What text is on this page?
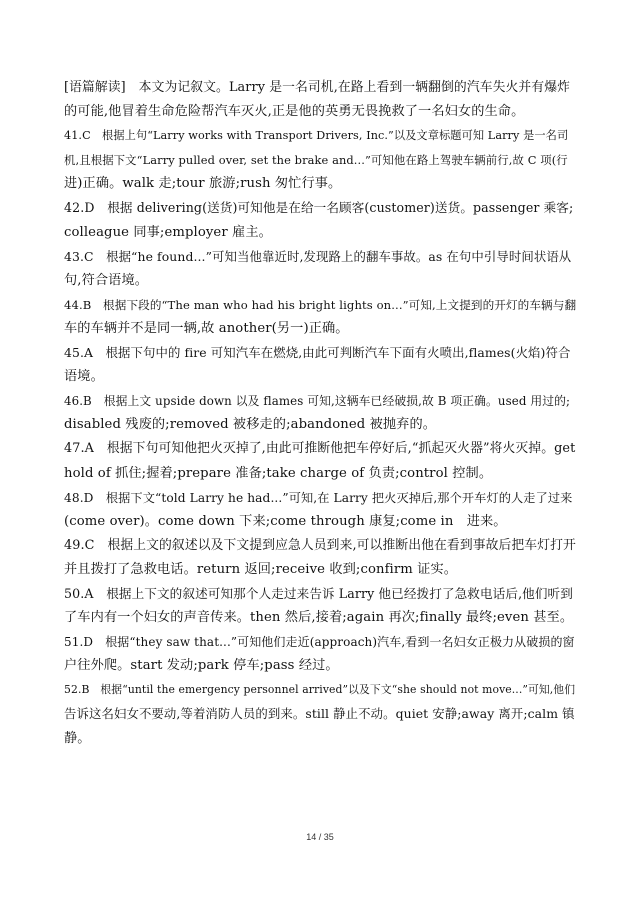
[语篇解读]　本文为记叙文。Larry 是一名司机,在路上看到一辆翻倒的汽车失火并有爆炸
的可能,他冒着生命危险帮汽车灭火,正是他的英勇无畏挽救了一名妇女的生命。
41.C　根据上句“Larry works with Transport Drivers, Inc.”以及文章标题可知 Larry 是一名司
机,且根据下文“Larry pulled over, set the brake and...”可知他在路上驾驶车辆前行,故 C 项(行
进)正确。walk 走;tour 旅游;rush 匆忙行事。
42.D　根据 delivering(送货)可知他是在给一名顾客(customer)送货。passenger 乘客;
colleague 同事;employer 雇主。
43.C　根据“he found...”可知当他靠近时,发现路上的翻车事故。as 在句中引导时间状语从
句,符合语境。
44.B　根据下段的“The man who had his bright lights on...”可知,上文提到的开灯的车辆与翻
车的车辆并不是同一辆,故 another(另一)正确。
45.A　根据下句中的 fire 可知汽车在燃烧,由此可判断汽车下面有火喷出,flames(火焰)符合
语境。
46.B　根据上文 upside down 以及 flames 可知,这辆车已经破损,故 B 项正确。used 用过的;
disabled 残废的;removed 被移走的;abandoned 被抛弃的。
47.A　根据下句可知他把火灭掉了,由此可推断他把车停好后,“抓起灭火器”将火灭掉。get
hold of 抓住;握着;prepare 准备;take charge of 负责;control 控制。
48.D　根据下文“told Larry he had...”可知,在 Larry 把火灭掉后,那个开车灯的人走了过来
(come over)。come down 下来;come through 康复;come in　进来。
49.C　根据上文的叙述以及下文提到应急人员到来,可以推断出他在看到事故后把车灯打开
并且拨打了急救电话。return 返回;receive 收到;confirm 证实。
50.A　根据上下文的叙述可知那个人走过来告诉 Larry 他已经拨打了急救电话后,他们听到
了车内有一个妇女的声音传来。then 然后,接着;again 再次;finally 最终;even 甚至。
51.D　根据“they saw that...”可知他们走近(approach)汽车,看到一名妇女正极力从破损的窗
户往外爬。start 发动;park 停车;pass 经过。
52.B　根据“until the emergency personnel arrived”以及下文“she should not move...”可知,他们
告诉这名妇女不要动,等着消防人员的到来。still 静止不动。quiet 安静;away 离开;calm 镇
静。
14 / 35
